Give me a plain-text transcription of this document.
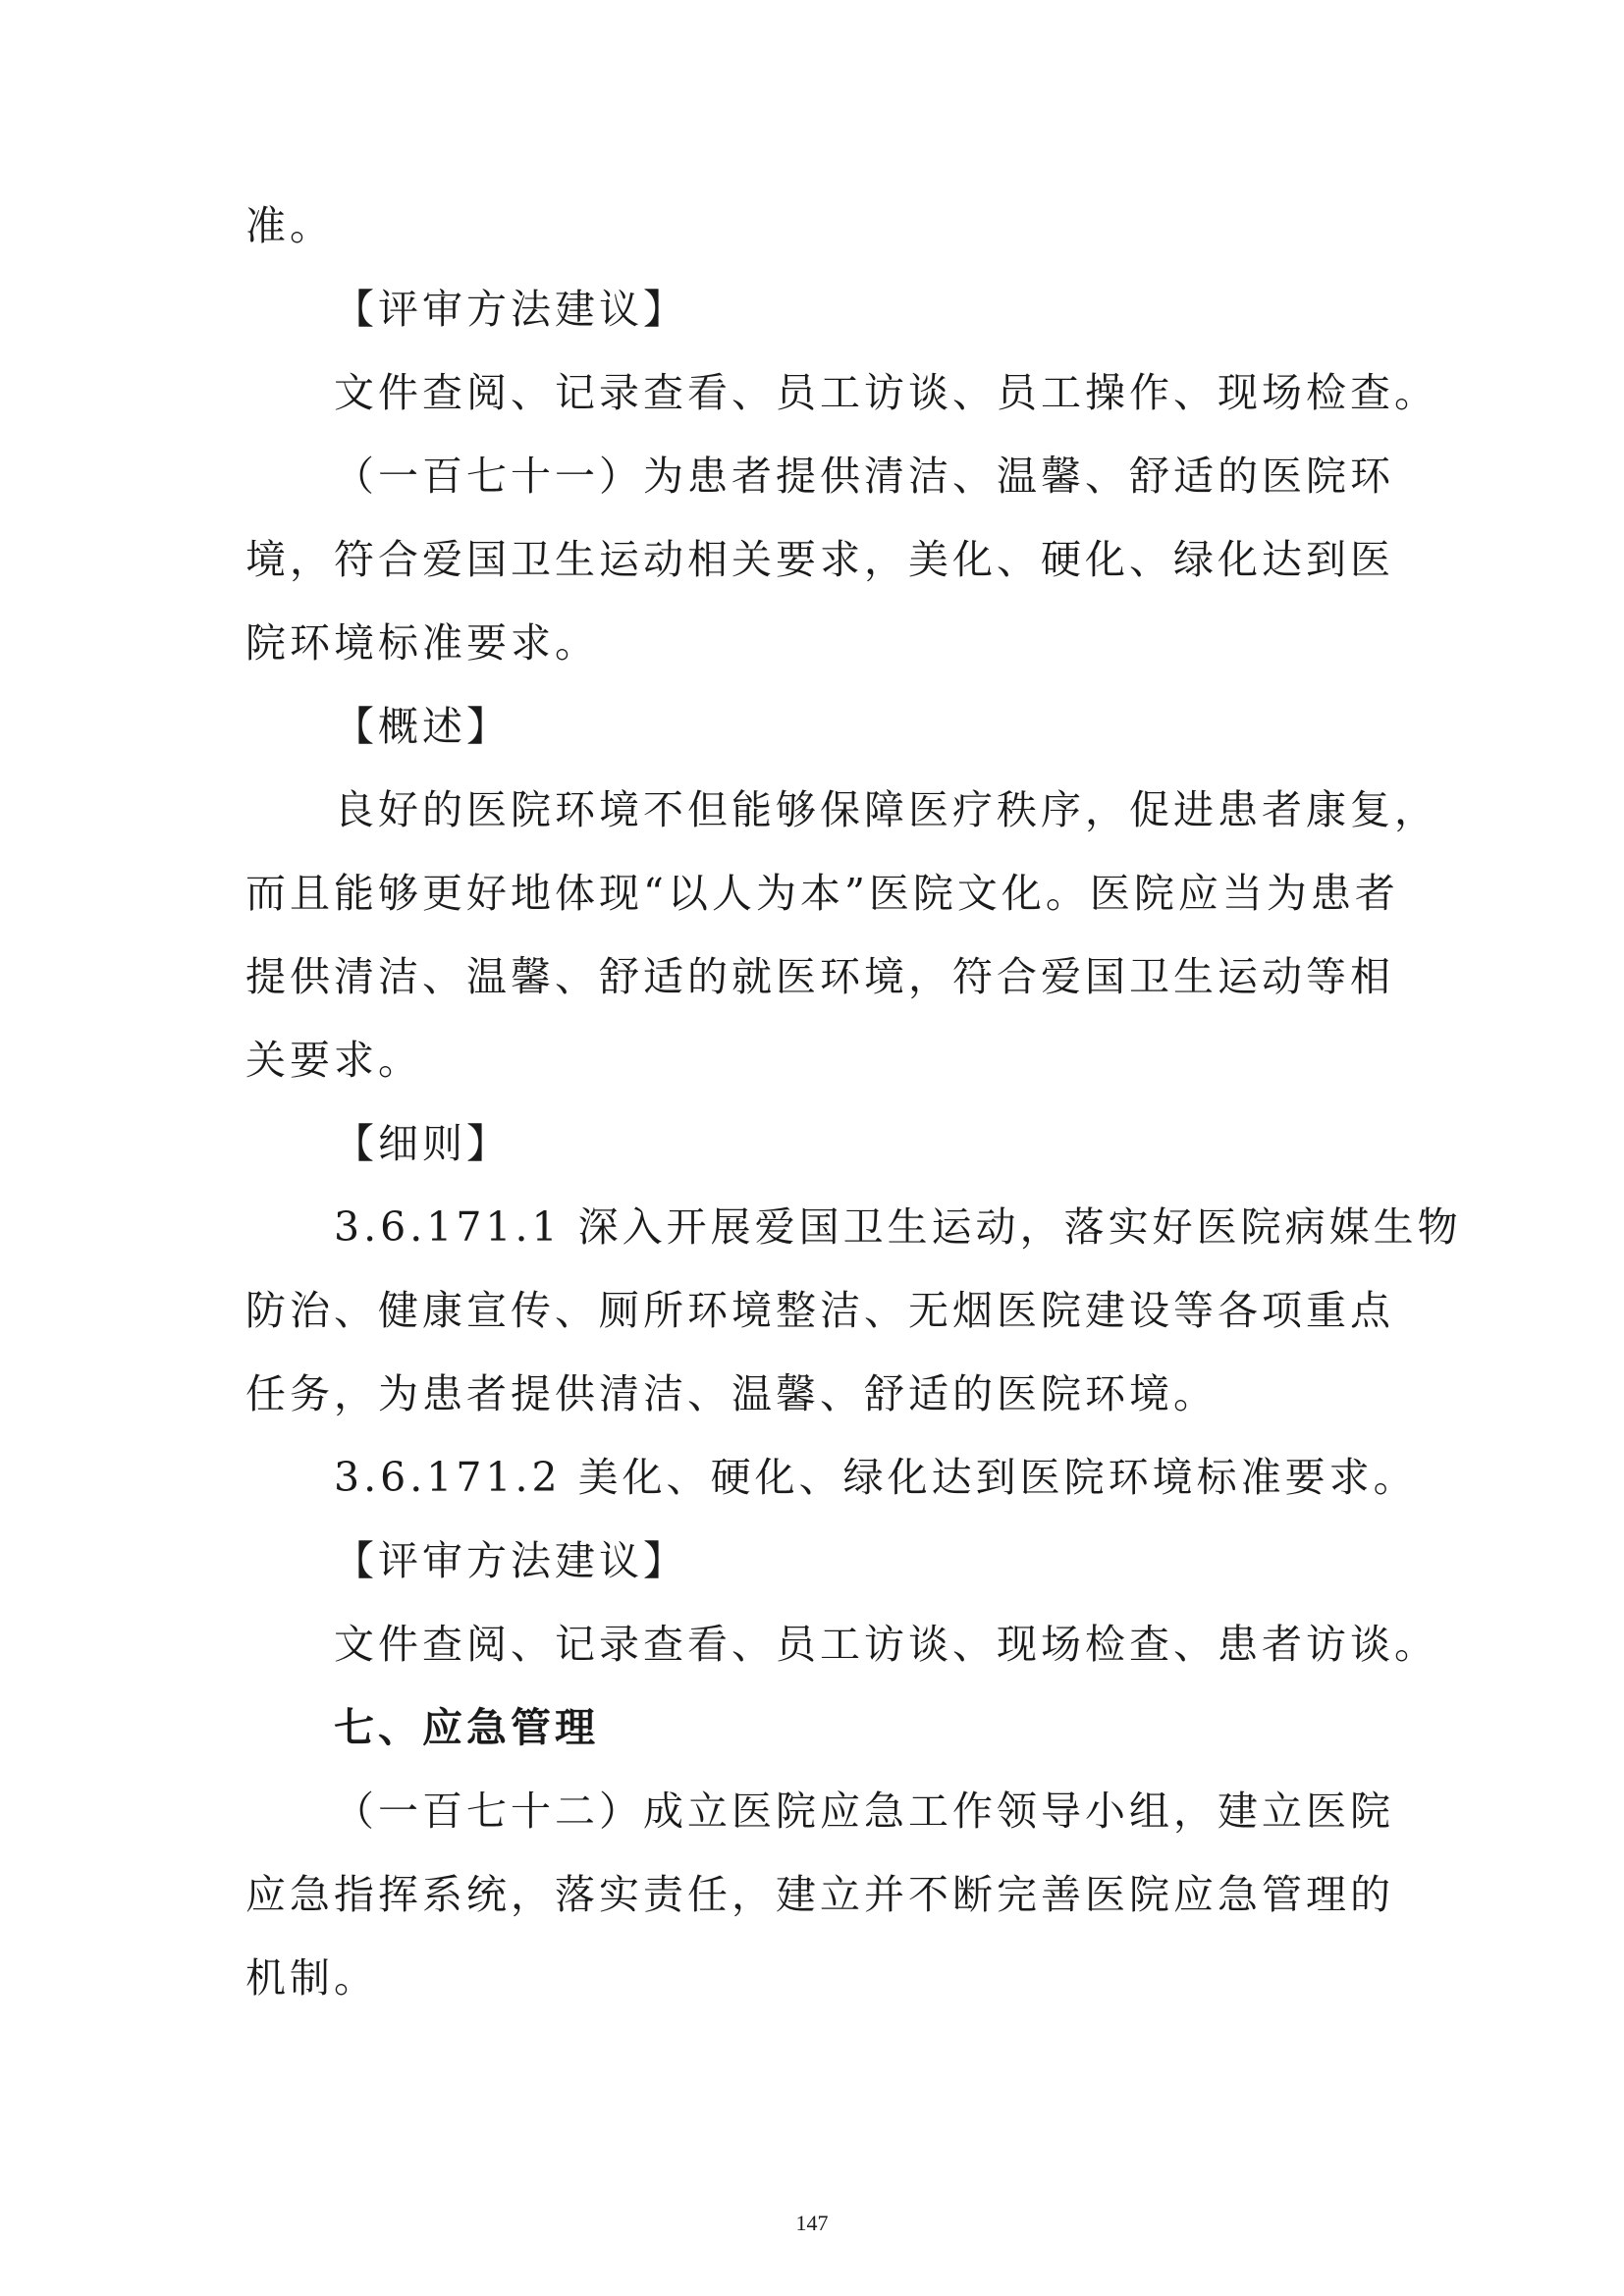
准。
【评审方法建议】
文件查阅、记录查看、员工访谈、员工操作、现场检查。
（一百七十一）为患者提供清洁、温馨、舒适的医院环
境，符合爱国卫生运动相关要求，美化、硬化、绿化达到医
院环境标准要求。
【概述】
良好的医院环境不但能够保障医疗秩序，促进患者康复，
而且能够更好地体现“以人为本”医院文化。医院应当为患者
提供清洁、温馨、舒适的就医环境，符合爱国卫生运动等相
关要求。
【细则】
3.6.171.1 深入开展爱国卫生运动，落实好医院病媒生物
防治、健康宣传、厕所环境整洁、无烟医院建设等各项重点
任务，为患者提供清洁、温馨、舒适的医院环境。
3.6.171.2 美化、硬化、绿化达到医院环境标准要求。
【评审方法建议】
文件查阅、记录查看、员工访谈、现场检查、患者访谈。
七、应急管理
（一百七十二）成立医院应急工作领导小组，建立医院
应急指挥系统，落实责任，建立并不断完善医院应急管理的
机制。
147
